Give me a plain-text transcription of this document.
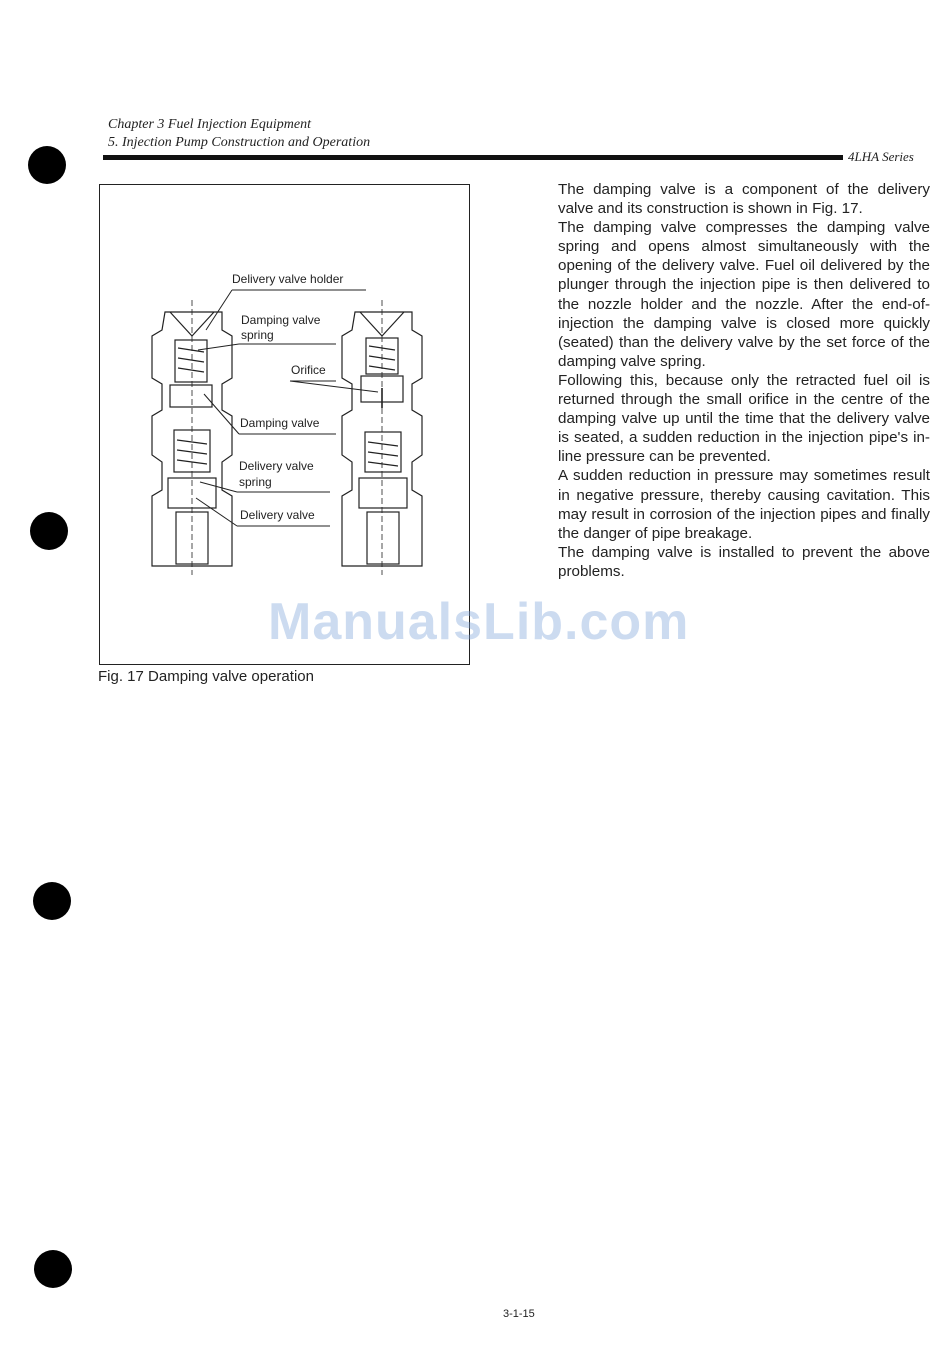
Chapter 3 Fuel Injection Equipment
5. Injection Pump Construction and Operation
4LHA Series
Delivery valve holder
Damping valve
spring
Orifice
Damping valve
Delivery valve
spring
Delivery valve
Fig. 17 Damping valve operation

The damping valve is a component of the delivery valve and its construction is shown in Fig. 17.

The damping valve compresses the damping valve spring and opens almost simultaneously with the opening of the delivery valve. Fuel oil delivered by the plunger through the injection pipe is then delivered to the nozzle holder and the nozzle. After the end-of-injection the damping valve is closed more quickly (seated) than the delivery valve by the set force of the damping valve spring.

Following this, because only the retracted fuel oil is returned through the small orifice in the centre of the damping valve up until the time that the delivery valve is seated, a sudden reduction in the injection pipe's in-line pressure can be prevented.

A sudden reduction in pressure may sometimes result in negative pressure, thereby causing cavitation. This may result in corrosion of the injection pipes and finally the danger of pipe breakage.

The damping valve is installed to prevent the above problems.

ManualsLib.com
3-1-15
